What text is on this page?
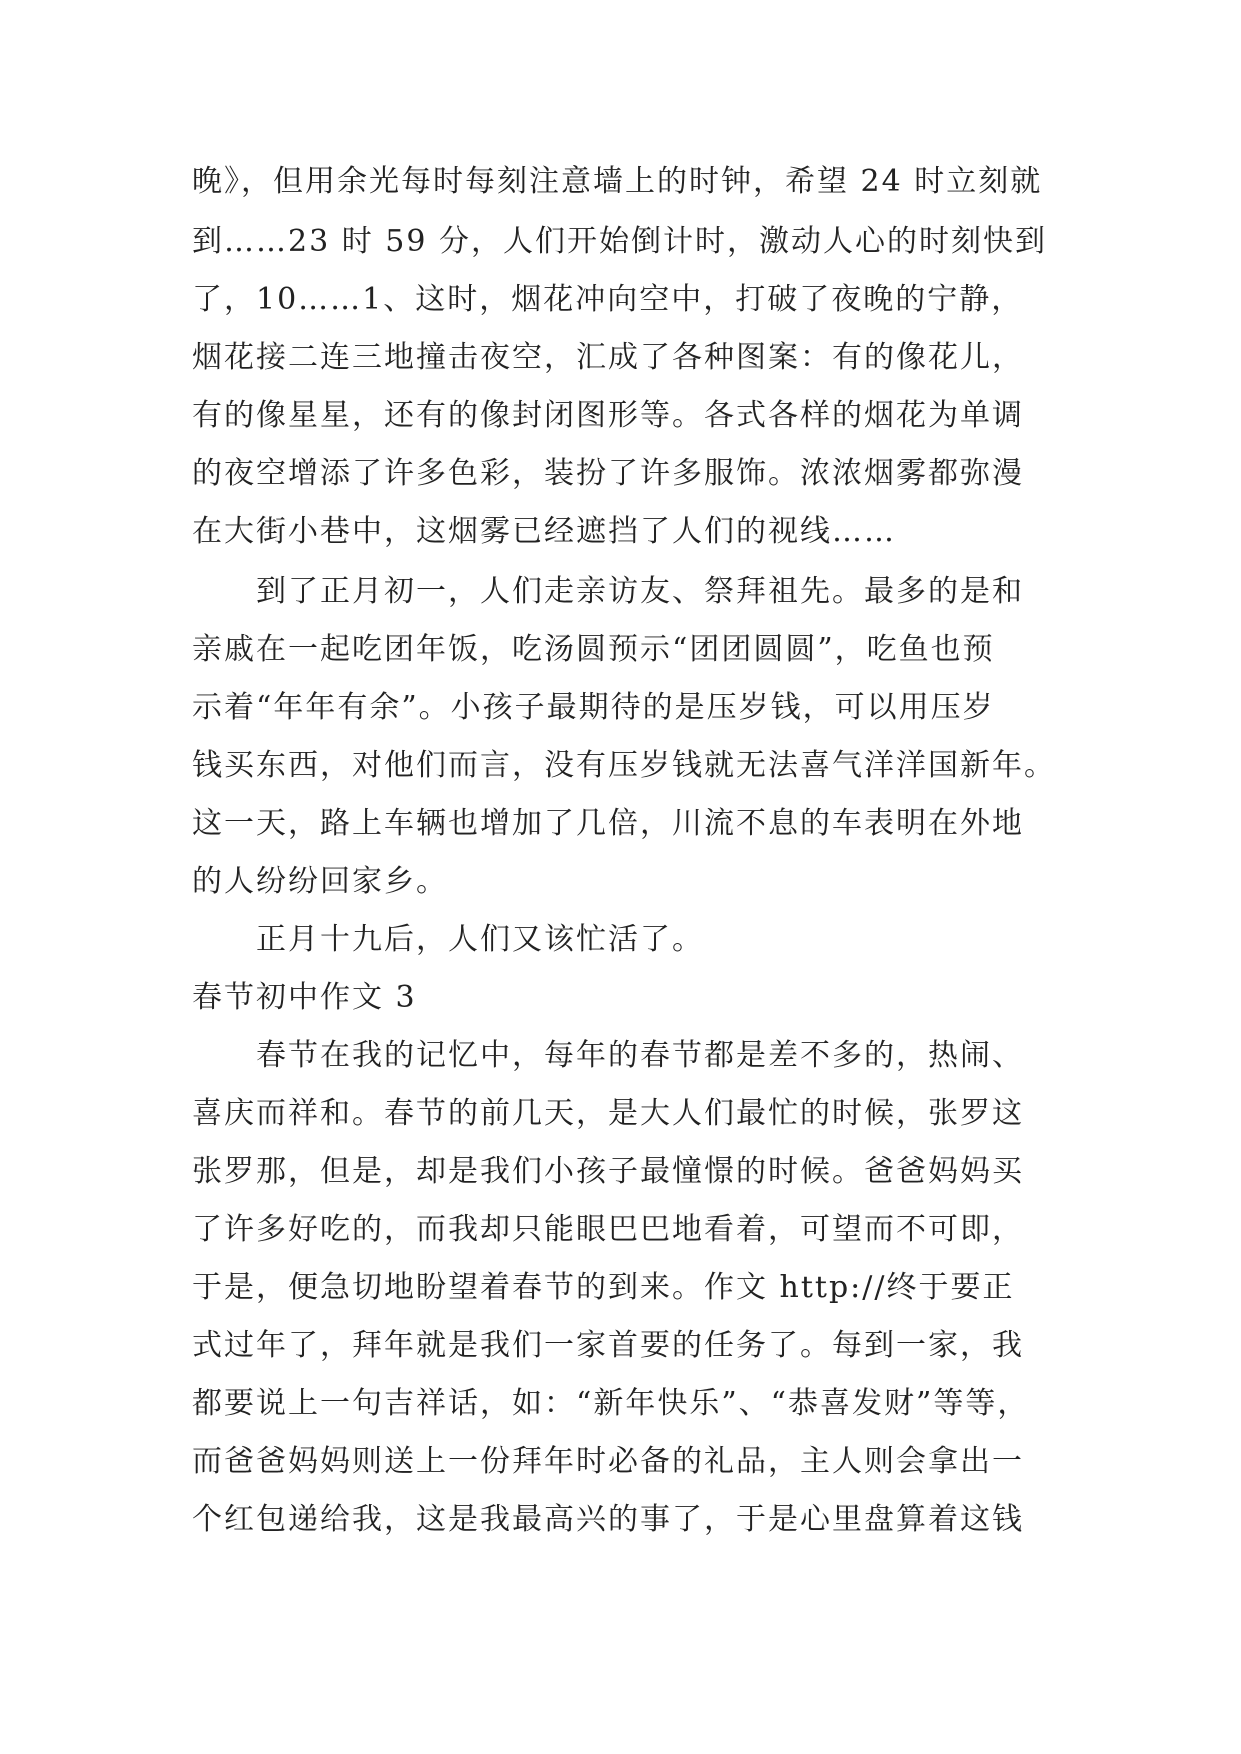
晚》，但用余光每时每刻注意墙上的时钟，希望 24 时立刻就
到……23 时 59 分，人们开始倒计时，激动人心的时刻快到
了，10……1、这时，烟花冲向空中，打破了夜晚的宁静，
烟花接二连三地撞击夜空，汇成了各种图案：有的像花儿，
有的像星星，还有的像封闭图形等。各式各样的烟花为单调
的夜空增添了许多色彩，装扮了许多服饰。浓浓烟雾都弥漫
在大街小巷中，这烟雾已经遮挡了人们的视线……
到了正月初一，人们走亲访友、祭拜祖先。最多的是和
亲戚在一起吃团年饭，吃汤圆预示“团团圆圆”，吃鱼也预
示着“年年有余”。小孩子最期待的是压岁钱，可以用压岁
钱买东西，对他们而言，没有压岁钱就无法喜气洋洋国新年。
这一天，路上车辆也增加了几倍，川流不息的车表明在外地
的人纷纷回家乡。
正月十九后，人们又该忙活了。
春节初中作文 3
春节在我的记忆中，每年的春节都是差不多的，热闹、
喜庆而祥和。春节的前几天，是大人们最忙的时候，张罗这
张罗那，但是，却是我们小孩子最憧憬的时候。爸爸妈妈买
了许多好吃的，而我却只能眼巴巴地看着，可望而不可即，
于是，便急切地盼望着春节的到来。作文 http://终于要正
式过年了，拜年就是我们一家首要的任务了。每到一家，我
都要说上一句吉祥话，如：“新年快乐”、“恭喜发财”等等，
而爸爸妈妈则送上一份拜年时必备的礼品，主人则会拿出一
个红包递给我，这是我最高兴的事了，于是心里盘算着这钱
